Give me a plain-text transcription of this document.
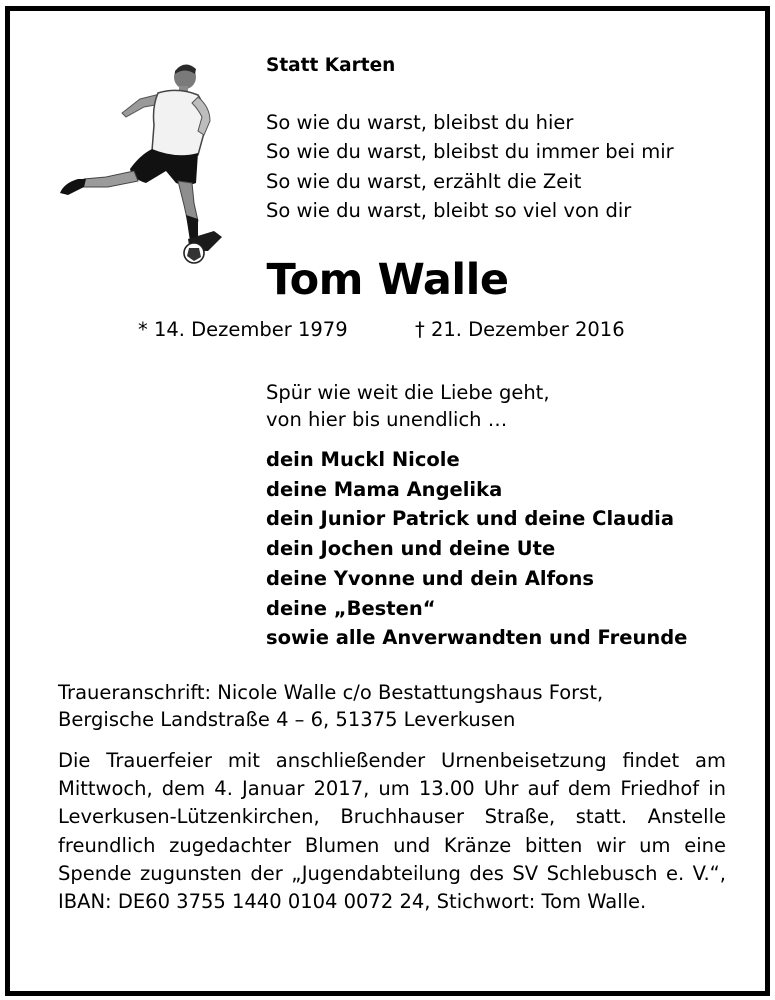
Statt Karten
So wie du warst, bleibst du hier
So wie du warst, bleibst du immer bei mir
So wie du warst, erzählt die Zeit
So wie du warst, bleibt so viel von dir
Tom Walle
* 14. Dezember 1979	† 21. Dezember 2016
Spür wie weit die Liebe geht,
von hier bis unendlich …
dein Muckl Nicole
deine Mama Angelika
dein Junior Patrick und deine Claudia
dein Jochen und deine Ute
deine Yvonne und dein Alfons
deine „Besten“
sowie alle Anverwandten und Freunde
Traueranschrift: Nicole Walle c/o Bestattungshaus Forst,
Bergische Landstraße 4 – 6, 51375 Leverkusen
Die Trauerfeier mit anschließender Urnenbeisetzung findet am Mittwoch, dem 4. Januar 2017, um 13.00 Uhr auf dem Friedhof in Leverkusen-Lützenkirchen, Bruchhauser Straße, statt. Anstelle freundlich zugedachter Blumen und Kränze bitten wir um eine Spende zugunsten der „Jugendabteilung des SV Schlebusch e. V.“, IBAN: DE60 3755 1440 0104 0072 24, Stichwort: Tom Walle.
